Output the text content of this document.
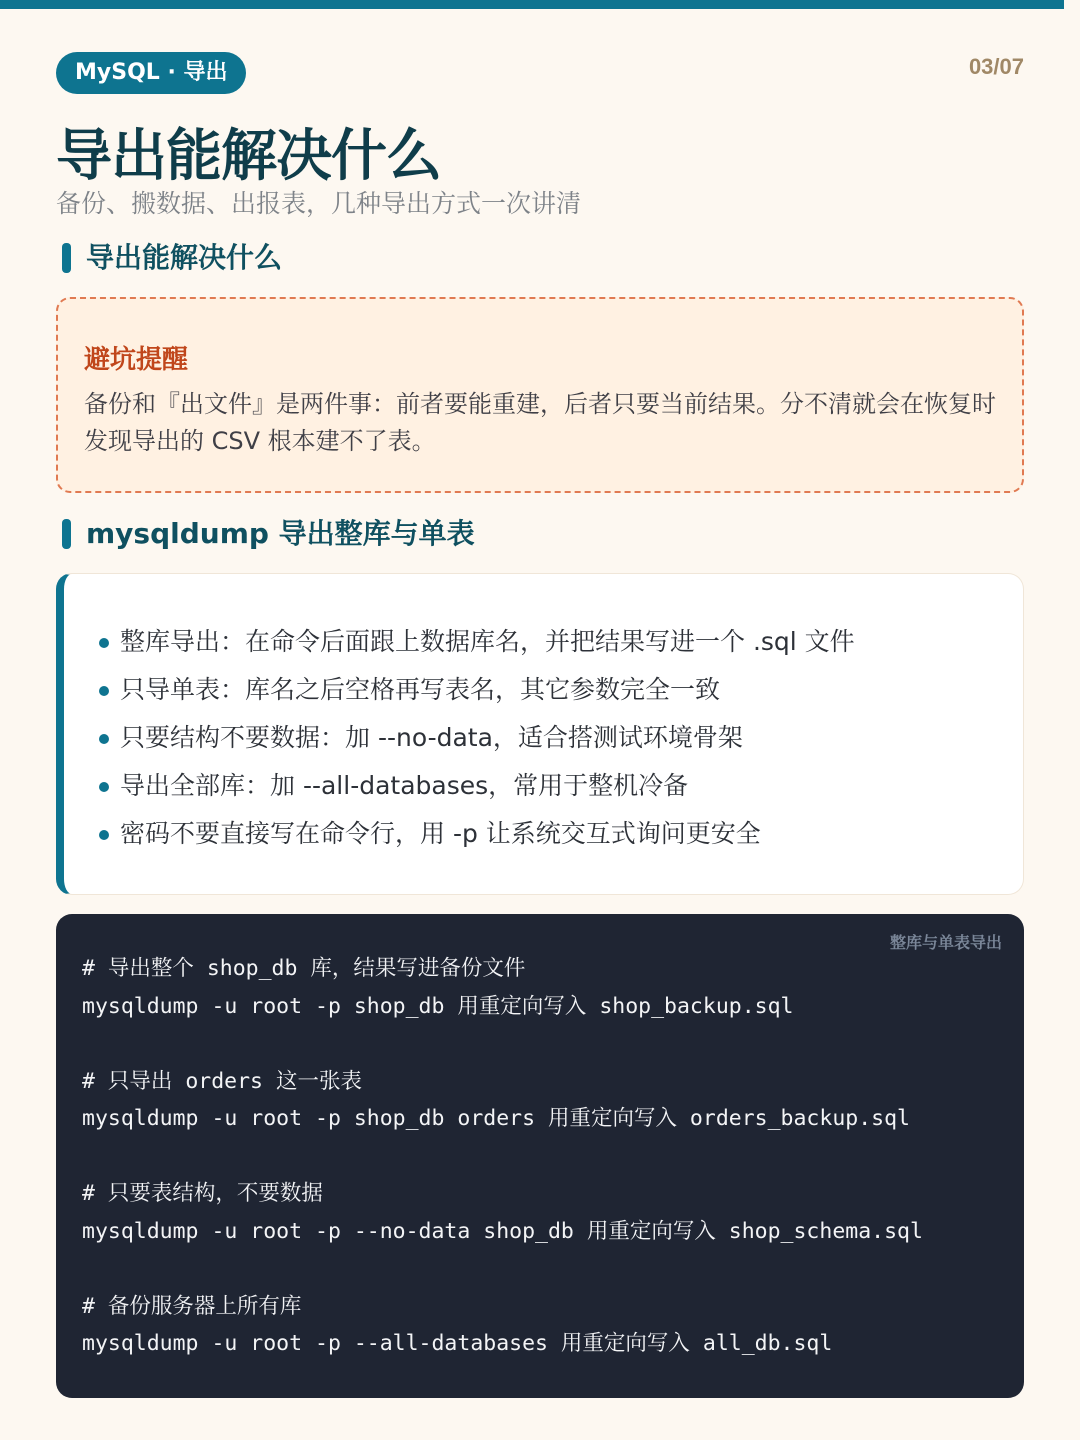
MySQL · 导出	03/07
导出能解决什么
备份、搬数据、出报表，几种导出方式一次讲清
导出能解决什么
避坑提醒
备份和『出文件』是两件事：前者要能重建，后者只要当前结果。分不清就会在恢复时发现导出的 CSV 根本建不了表。
mysqldump 导出整库与单表
整库导出：在命令后面跟上数据库名，并把结果写进一个 .sql 文件
只导单表：库名之后空格再写表名，其它参数完全一致
只要结构不要数据：加 --no-data，适合搭测试环境骨架
导出全部库：加 --all-databases，常用于整机冷备
密码不要直接写在命令行，用 -p 让系统交互式询问更安全
整库与单表导出
# 导出整个 shop_db 库，结果写进备份文件
mysqldump -u root -p shop_db 用重定向写入 shop_backup.sql
# 只导出 orders 这一张表
mysqldump -u root -p shop_db orders 用重定向写入 orders_backup.sql
# 只要表结构，不要数据
mysqldump -u root -p --no-data shop_db 用重定向写入 shop_schema.sql
# 备份服务器上所有库
mysqldump -u root -p --all-databases 用重定向写入 all_db.sql
